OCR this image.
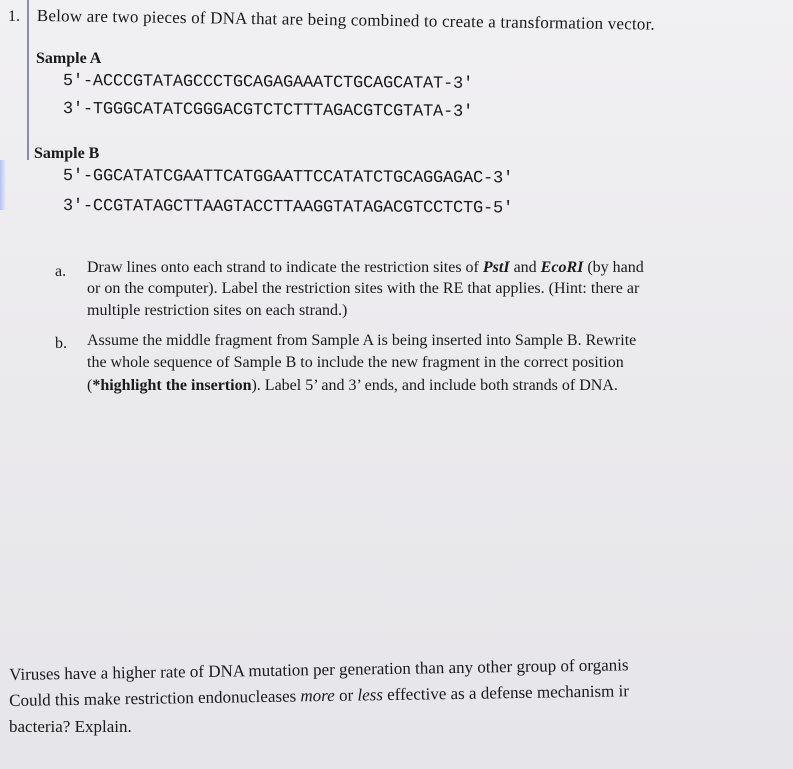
1. Below are two pieces of DNA that are being combined to create a transformation vector.
Sample A
5'-ACCCGTATAGCCCTGCAGAGAAATCTGCAGCATAT-3'
3'-TGGGCATATCGGGACGTCTCTTTAGACGTCGTATA-3'
Sample B
5'-GGCATATCGAATTCATGGAATTCCATATCTGCAGGAGAC-3'
3'-CCGTATAGCTTAAGTACCTTAAGGTATAGACGTCCTCTG-5'
a. Draw lines onto each strand to indicate the restriction sites of PstI and EcoRI (by hand
or on the computer). Label the restriction sites with the RE that applies. (Hint: there ar
multiple restriction sites on each strand.)
b. Assume the middle fragment from Sample A is being inserted into Sample B. Rewrite
the whole sequence of Sample B to include the new fragment in the correct position
(*highlight the insertion). Label 5’ and 3’ ends, and include both strands of DNA.
Viruses have a higher rate of DNA mutation per generation than any other group of organis
Could this make restriction endonucleases more or less effective as a defense mechanism ir
bacteria? Explain.
